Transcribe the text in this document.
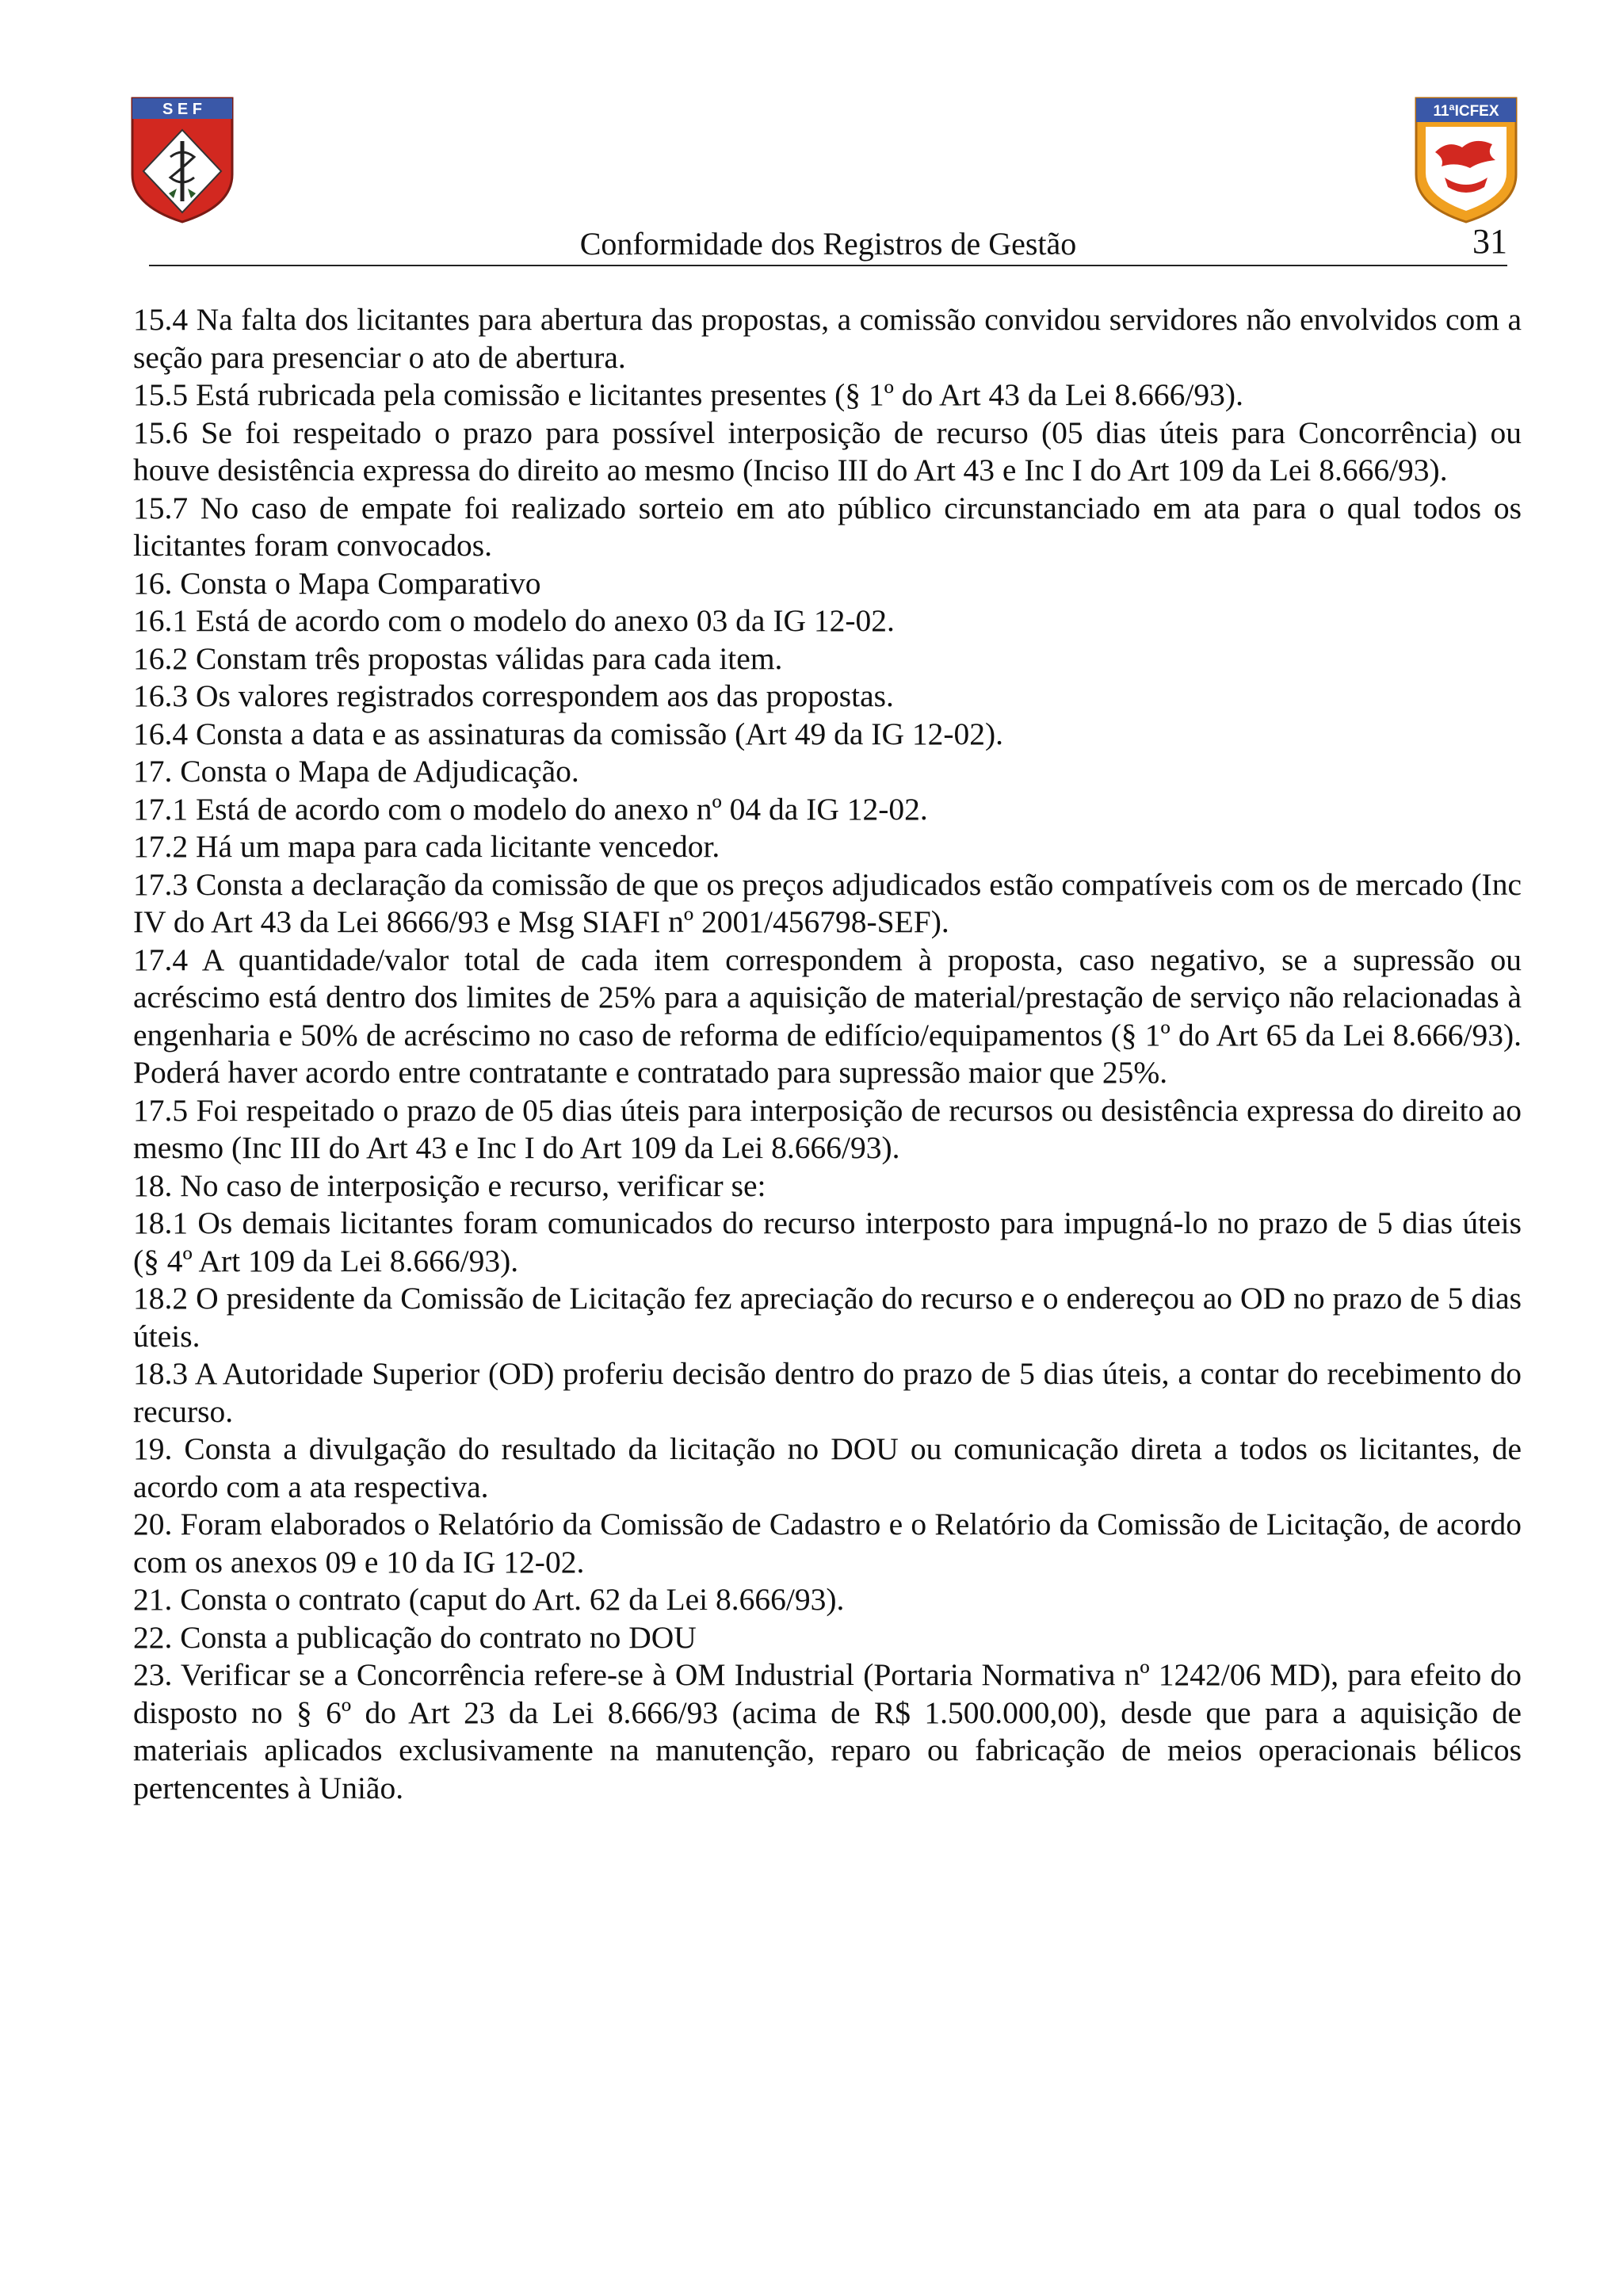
S E F	11ªICFEX
Conformidade dos Registros de Gestão	31

15.4 Na falta dos licitantes para abertura das propostas, a comissão convidou servidores não envolvidos com a seção para presenciar o ato de abertura.

15.5 Está rubricada pela comissão e licitantes presentes (§ 1º do Art 43 da Lei 8.666/93).

15.6 Se foi respeitado o prazo para possível interposição de recurso (05 dias úteis para Concorrência) ou houve desistência expressa do direito ao mesmo (Inciso III do Art 43 e Inc I do Art 109 da Lei 8.666/93).

15.7 No caso de empate foi realizado sorteio em ato público circunstanciado em ata para o qual todos os licitantes foram convocados.

16. Consta o Mapa Comparativo

16.1 Está de acordo com o modelo do anexo 03 da IG 12-02.

16.2 Constam três propostas válidas para cada item.

16.3 Os valores registrados correspondem aos das propostas.

16.4 Consta a data e as assinaturas da comissão (Art 49 da IG 12-02).

17. Consta o Mapa de Adjudicação.

17.1 Está de acordo com o modelo do anexo nº 04 da IG 12-02.

17.2 Há um mapa para cada licitante vencedor.

17.3 Consta a declaração da comissão de que os preços adjudicados estão compatíveis com os de mercado (Inc IV do Art 43 da Lei 8666/93 e Msg SIAFI nº 2001/456798-SEF).

17.4 A quantidade/valor total de cada item correspondem à proposta, caso negativo, se a supressão ou acréscimo está dentro dos limites de 25% para a aquisição de material/prestação de serviço não relacionadas à engenharia e 50% de acréscimo no caso de reforma de edifício/equipamentos (§ 1º do Art 65 da Lei 8.666/93). Poderá haver acordo entre contratante e contratado para supressão maior que 25%.

17.5 Foi respeitado o prazo de 05 dias úteis para interposição de recursos ou desistência expressa do direito ao mesmo (Inc III do Art 43 e Inc I do Art 109 da Lei 8.666/93).

18. No caso de interposição e recurso, verificar se:

18.1 Os demais licitantes foram comunicados do recurso interposto para impugná-lo no prazo de 5 dias úteis (§ 4º Art 109 da Lei 8.666/93).

18.2 O presidente da Comissão de Licitação fez apreciação do recurso e o endereçou ao OD no prazo de 5 dias úteis.

18.3 A Autoridade Superior (OD) proferiu decisão dentro do prazo de 5 dias úteis, a contar do recebimento do recurso.

19. Consta a divulgação do resultado da licitação no DOU ou comunicação direta a todos os licitantes, de acordo com a ata respectiva.

20. Foram elaborados o Relatório da Comissão de Cadastro e o Relatório da Comissão de Licitação, de acordo com os anexos 09 e 10 da IG 12-02.

21. Consta o contrato (caput do Art. 62 da Lei 8.666/93).

22. Consta a publicação do contrato no DOU

23. Verificar se a Concorrência refere-se à OM Industrial (Portaria Normativa nº 1242/06 MD), para efeito do disposto no § 6º do Art 23 da Lei 8.666/93 (acima de R$ 1.500.000,00), desde que para a aquisição de materiais aplicados exclusivamente na manutenção, reparo ou fabricação de meios operacionais bélicos pertencentes à União.
